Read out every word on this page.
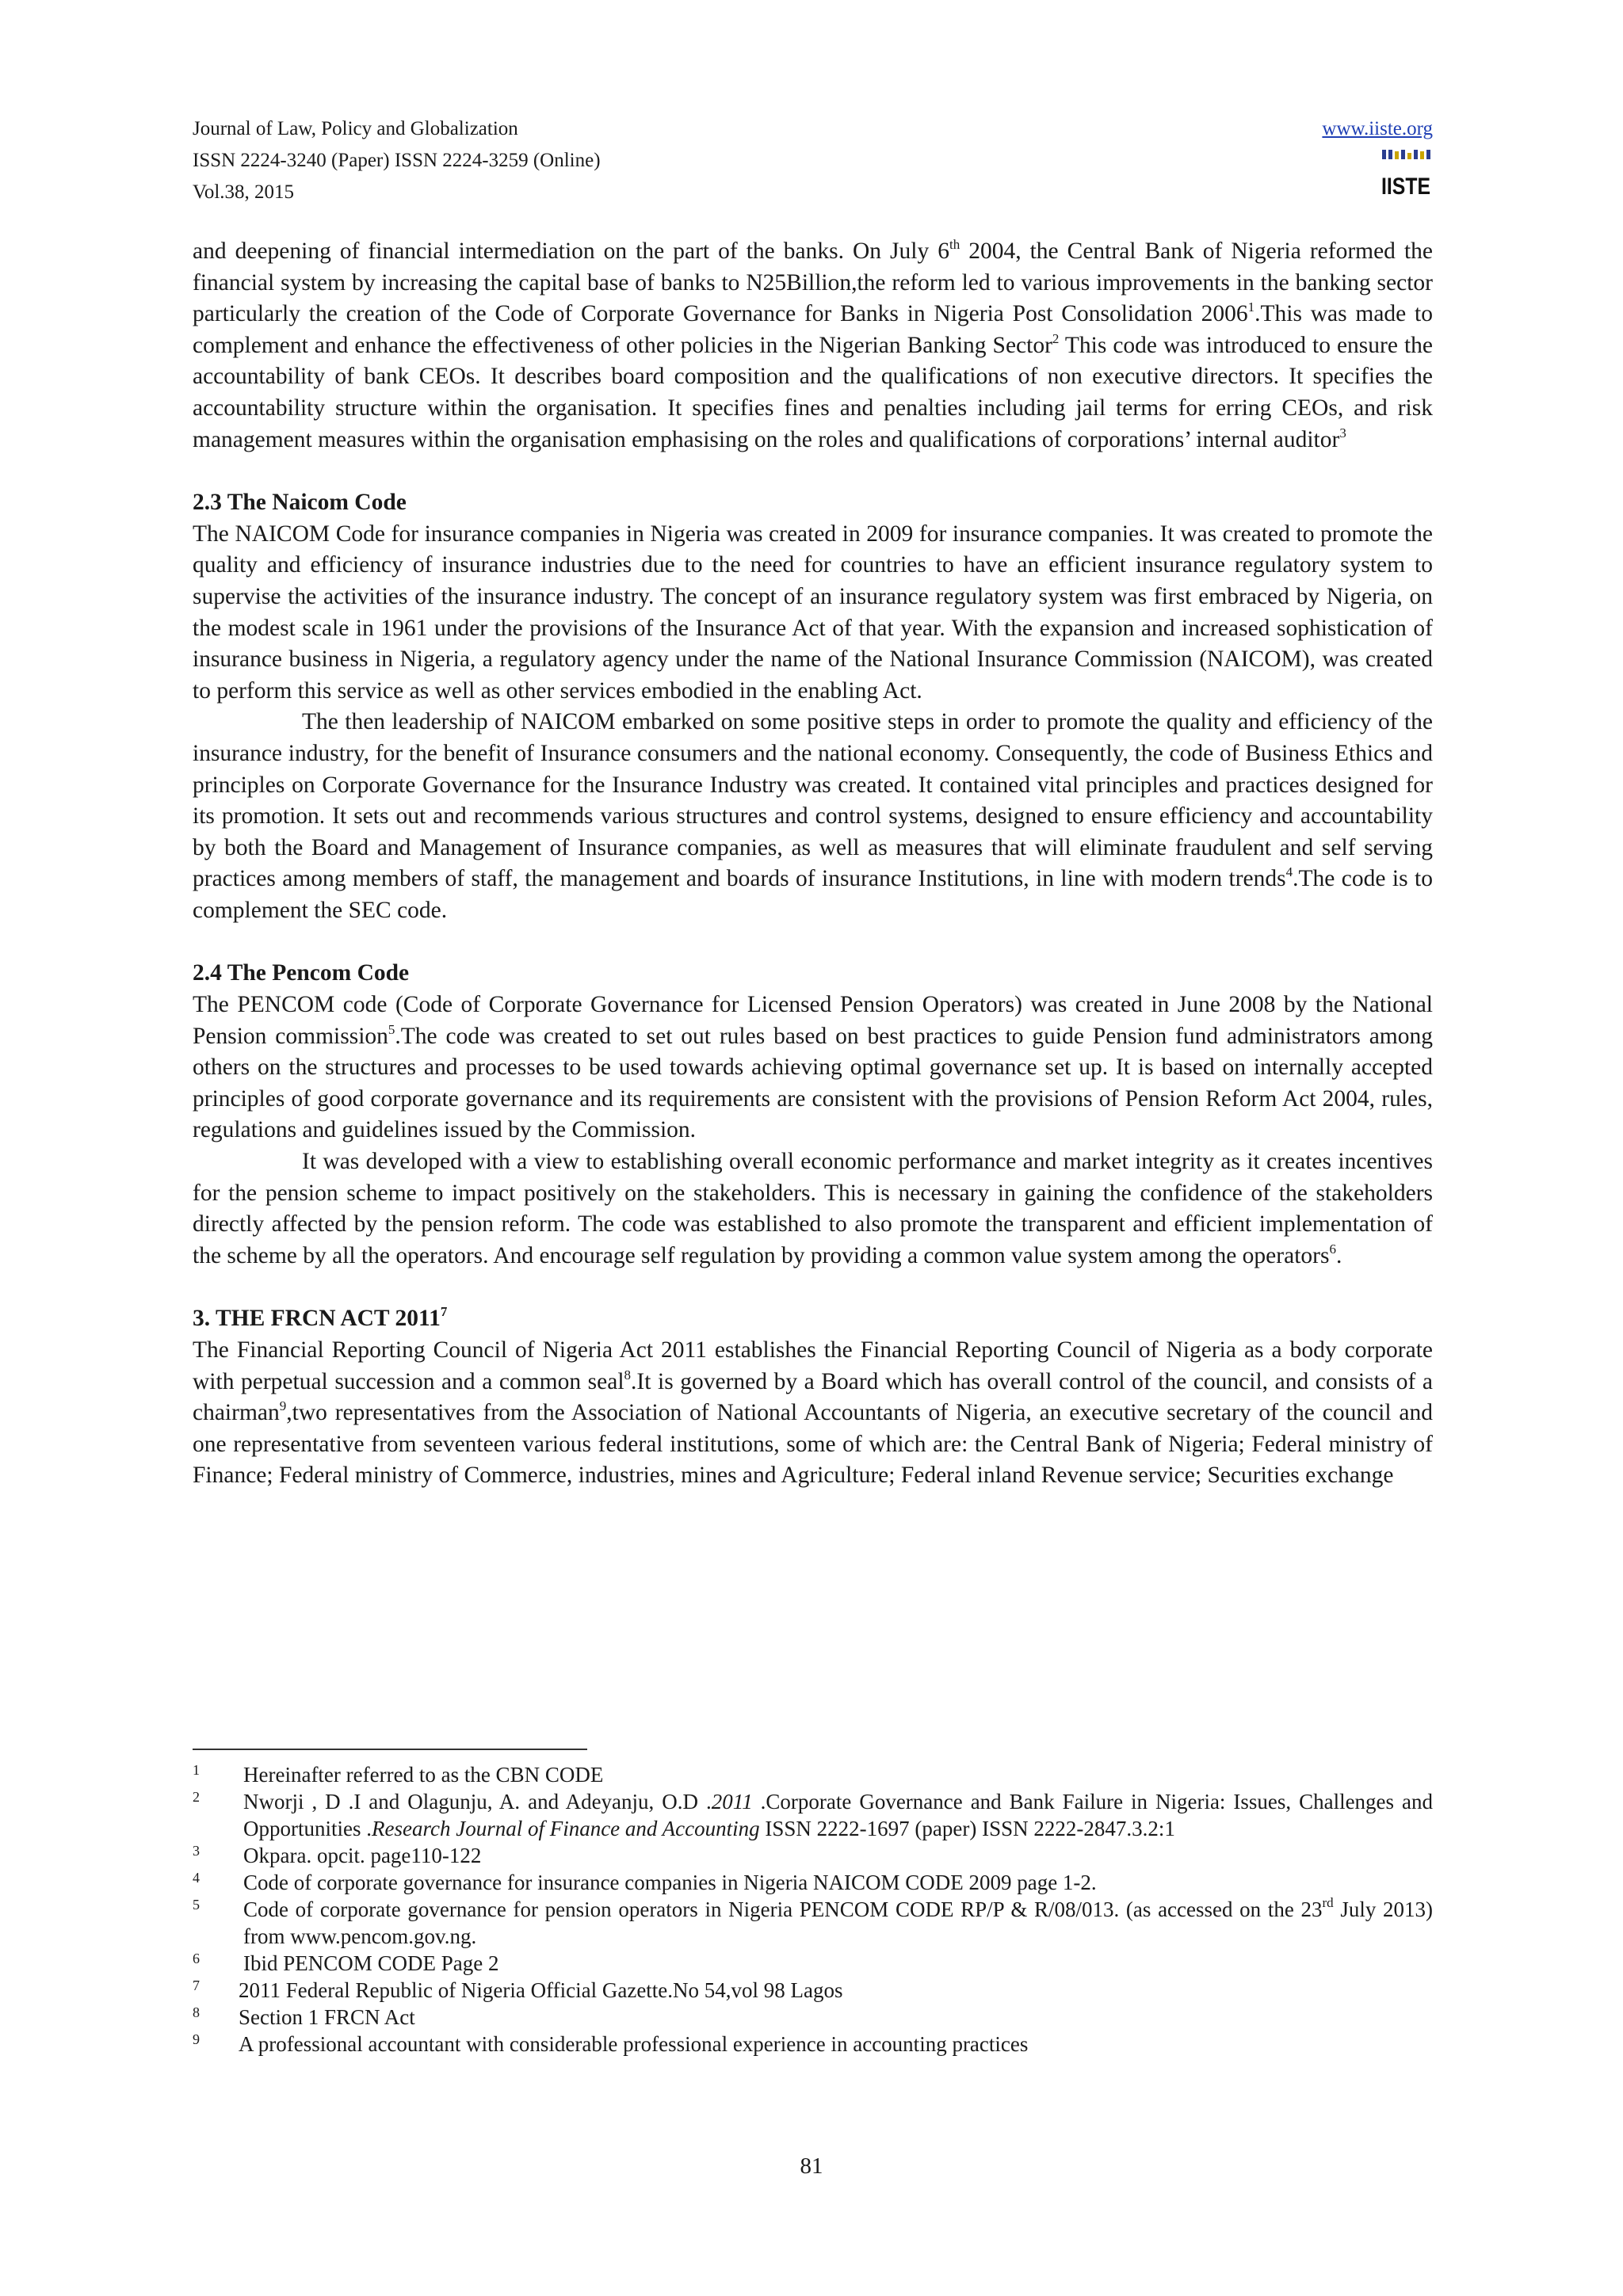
Journal of Law, Policy and Globalization
ISSN 2224-3240 (Paper) ISSN 2224-3259 (Online)
Vol.38, 2015
www.iiste.org
IISTE

and deepening of financial intermediation on the part of the banks. On July 6th 2004, the Central Bank of Nigeria reformed the financial system by increasing the capital base of banks to N25Billion,the reform led to various improvements in the banking sector particularly the creation of the Code of Corporate Governance for Banks in Nigeria Post Consolidation 2006$^1$.This was made to complement and enhance the effectiveness of other policies in the Nigerian Banking Sector$^2$ This code was introduced to ensure the accountability of bank CEOs. It describes board composition and the qualifications of non executive directors. It specifies the accountability structure within the organisation. It specifies fines and penalties including jail terms for erring CEOs, and risk management measures within the organisation emphasising on the roles and qualifications of corporations’ internal auditor$^3$

2.3 The Naicom Code

The NAICOM Code for insurance companies in Nigeria was created in 2009 for insurance companies. It was created to promote the quality and efficiency of insurance industries due to the need for countries to have an efficient insurance regulatory system to supervise the activities of the insurance industry. The concept of an insurance regulatory system was first embraced by Nigeria, on the modest scale in 1961 under the provisions of the Insurance Act of that year. With the expansion and increased sophistication of insurance business in Nigeria, a regulatory agency under the name of the National Insurance Commission (NAICOM), was created to perform this service as well as other services embodied in the enabling Act.

The then leadership of NAICOM embarked on some positive steps in order to promote the quality and efficiency of the insurance industry, for the benefit of Insurance consumers and the national economy. Consequently, the code of Business Ethics and principles on Corporate Governance for the Insurance Industry was created. It contained vital principles and practices designed for its promotion. It sets out and recommends various structures and control systems, designed to ensure efficiency and accountability by both the Board and Management of Insurance companies, as well as measures that will eliminate fraudulent and self serving practices among members of staff, the management and boards of insurance Institutions, in line with modern trends$^4$.The code is to complement the SEC code.

2.4 The Pencom Code

The PENCOM code (Code of Corporate Governance for Licensed Pension Operators) was created in June 2008 by the National Pension commission$^5$.The code was created to set out rules based on best practices to guide Pension fund administrators among others on the structures and processes to be used towards achieving optimal governance set up. It is based on internally accepted principles of good corporate governance and its requirements are consistent with the provisions of Pension Reform Act 2004, rules, regulations and guidelines issued by the Commission.

It was developed with a view to establishing overall economic performance and market integrity as it creates incentives for the pension scheme to impact positively on the stakeholders. This is necessary in gaining the confidence of the stakeholders directly affected by the pension reform. The code was established to also promote the transparent and efficient implementation of the scheme by all the operators. And encourage self regulation by providing a common value system among the operators$^6$.

3. THE FRCN ACT 2011$^7$

The Financial Reporting Council of Nigeria Act 2011 establishes the Financial Reporting Council of Nigeria as a body corporate with perpetual succession and a common seal$^8$.It is governed by a Board which has overall control of the council, and consists of a chairman$^9$,two representatives from the Association of National Accountants of Nigeria, an executive secretary of the council and one representative from seventeen various federal institutions, some of which are: the Central Bank of Nigeria; Federal ministry of Finance; Federal ministry of Commerce, industries, mines and Agriculture; Federal inland Revenue service; Securities exchange

1 Hereinafter referred to as the CBN CODE
2 Nworji , D .I and Olagunju, A. and Adeyanju, O.D .2011 .Corporate Governance and Bank Failure in Nigeria: Issues, Challenges and Opportunities .Research Journal of Finance and Accounting ISSN 2222-1697 (paper) ISSN 2222-2847.3.2:1
3 Okpara. opcit. page110-122
4 Code of corporate governance for insurance companies in Nigeria NAICOM CODE 2009 page 1-2.
5 Code of corporate governance for pension operators in Nigeria PENCOM CODE RP/P & R/08/013. (as accessed on the 23rd July 2013) from www.pencom.gov.ng.
6 Ibid PENCOM CODE Page 2
7 2011 Federal Republic of Nigeria Official Gazette.No 54,vol 98 Lagos
8 Section 1 FRCN Act
9 A professional accountant with considerable professional experience in accounting practices
81
